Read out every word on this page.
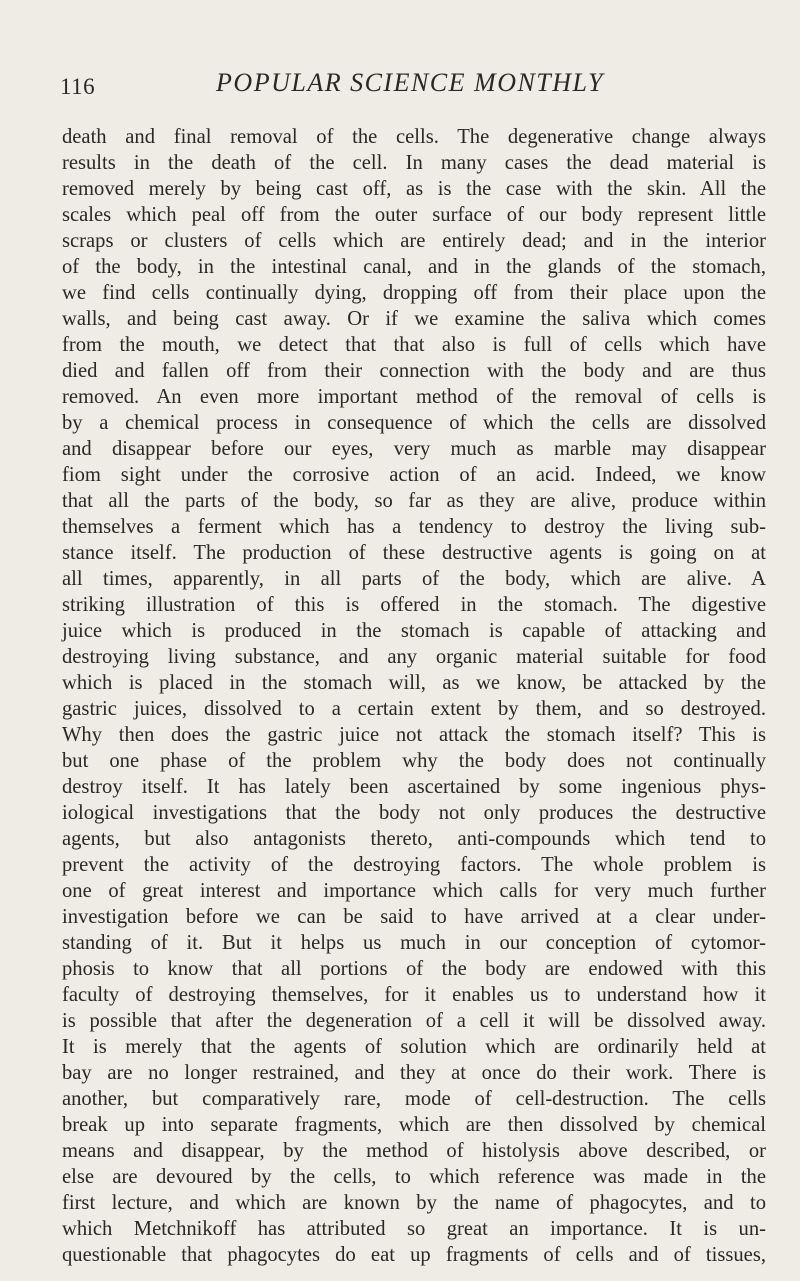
116	POPULAR SCIENCE MONTHLY
death and final removal of the cells. The degenerative change always
results in the death of the cell. In many cases the dead material is
removed merely by being cast off, as is the case with the skin. All the
scales which peal off from the outer surface of our body represent little
scraps or clusters of cells which are entirely dead; and in the interior
of the body, in the intestinal canal, and in the glands of the stomach,
we find cells continually dying, dropping off from their place upon the
walls, and being cast away. Or if we examine the saliva which comes
from the mouth, we detect that that also is full of cells which have
died and fallen off from their connection with the body and are thus
removed. An even more important method of the removal of cells is
by a chemical process in consequence of which the cells are dissolved
and disappear before our eyes, very much as marble may disappear
fiom sight under the corrosive action of an acid. Indeed, we know
that all the parts of the body, so far as they are alive, produce within
themselves a ferment which has a tendency to destroy the living sub-
stance itself. The production of these destructive agents is going on at
all times, apparently, in all parts of the body, which are alive. A
striking illustration of this is offered in the stomach. The digestive
juice which is produced in the stomach is capable of attacking and
destroying living substance, and any organic material suitable for food
which is placed in the stomach will, as we know, be attacked by the
gastric juices, dissolved to a certain extent by them, and so destroyed.
Why then does the gastric juice not attack the stomach itself? This is
but one phase of the problem why the body does not continually
destroy itself. It has lately been ascertained by some ingenious phys-
iological investigations that the body not only produces the destructive
agents, but also antagonists thereto, anti-compounds which tend to
prevent the activity of the destroying factors. The whole problem is
one of great interest and importance which calls for very much further
investigation before we can be said to have arrived at a clear under-
standing of it. But it helps us much in our conception of cytomor-
phosis to know that all portions of the body are endowed with this
faculty of destroying themselves, for it enables us to understand how it
is possible that after the degeneration of a cell it will be dissolved away.
It is merely that the agents of solution which are ordinarily held at
bay are no longer restrained, and they at once do their work. There is
another, but comparatively rare, mode of cell-destruction. The cells
break up into separate fragments, which are then dissolved by chemical
means and disappear, by the method of histolysis above described, or
else are devoured by the cells, to which reference was made in the
first lecture, and which are known by the name of phagocytes, and to
which Metchnikoff has attributed so great an importance. It is un-
questionable that phagocytes do eat up fragments of cells and of tissues,
